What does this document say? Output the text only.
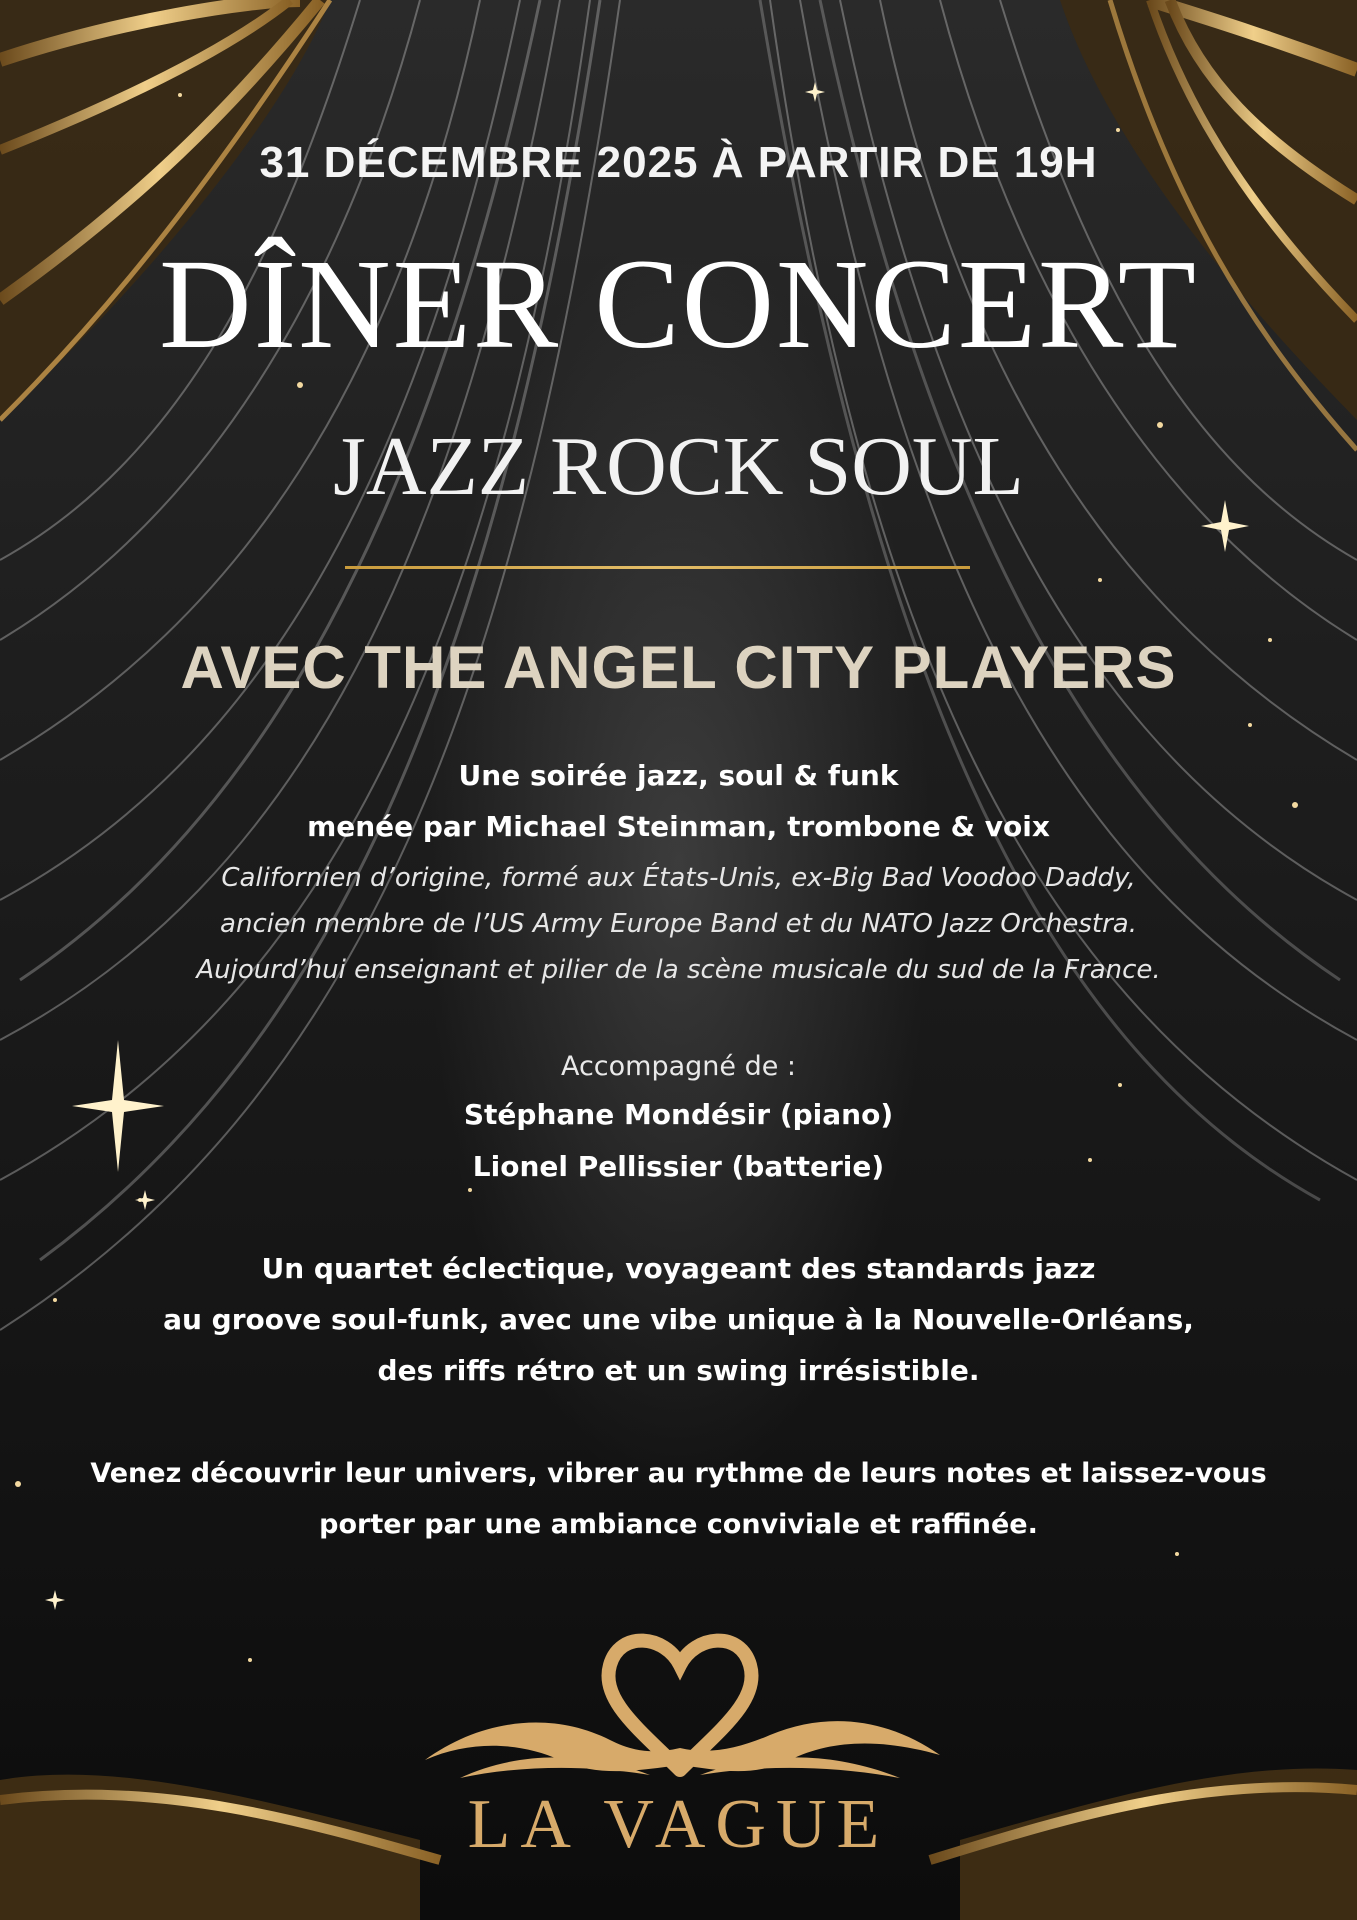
31 DÉCEMBRE 2025 À PARTIR DE 19H
DÎNER CONCERT
JAZZ ROCK SOUL
AVEC THE ANGEL CITY PLAYERS
Une soirée jazz, soul & funk
menée par Michael Steinman, trombone & voix
Californien d’origine, formé aux États-Unis, ex-Big Bad Voodoo Daddy,
ancien membre de l’US Army Europe Band et du NATO Jazz Orchestra.
Aujourd’hui enseignant et pilier de la scène musicale du sud de la France.
Accompagné de :
Stéphane Mondésir (piano)
Lionel Pellissier (batterie)
Un quartet éclectique, voyageant des standards jazz
au groove soul-funk, avec une vibe unique à la Nouvelle-Orléans,
des riffs rétro et un swing irrésistible.
Venez découvrir leur univers, vibrer au rythme de leurs notes et laissez-vous
porter par une ambiance conviviale et raffinée.
LA VAGUE
